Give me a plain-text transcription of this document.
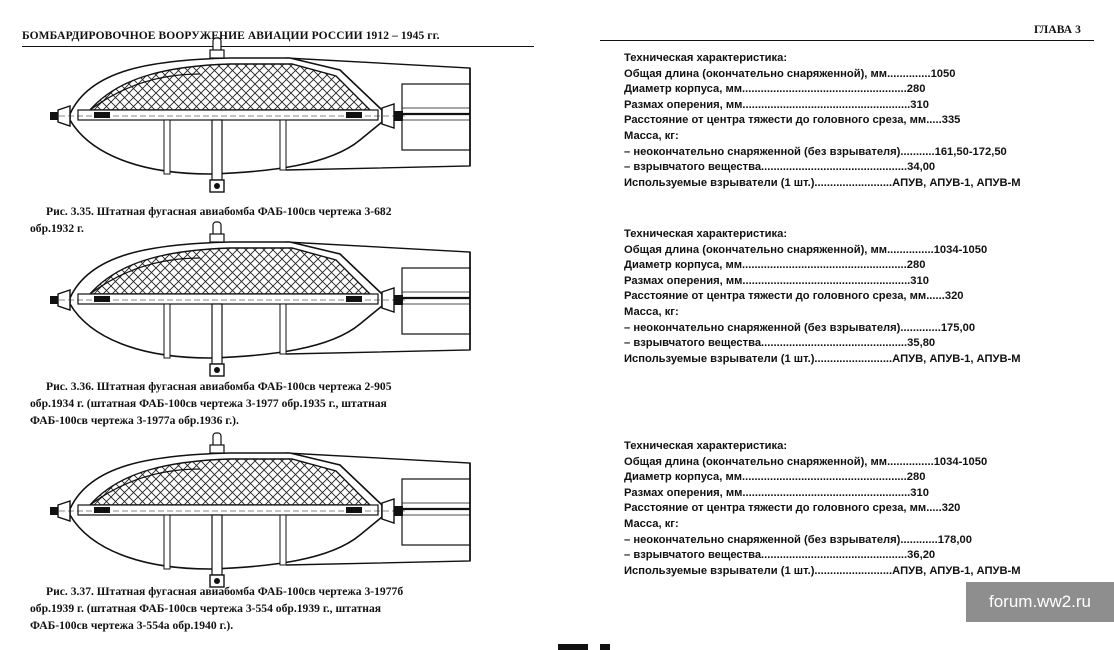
БОМБАРДИРОВОЧНОЕ ВООРУЖЕНИЕ АВИАЦИИ РОССИИ 1912 – 1945 гг.
Рис. 3.35. Штатная фугасная авиабомба ФАБ-100св чертежа 3-682
обр.1932 г.
Рис. 3.36. Штатная фугасная авиабомба ФАБ-100св чертежа 2-905
обр.1934 г. (штатная ФАБ-100св чертежа 3-1977 обр.1935 г., штатная
ФАБ-100св чертежа 3-1977а обр.1936 г.).
Рис. 3.37. Штатная фугасная авиабомба ФАБ-100св чертежа 3-1977б
обр.1939 г. (штатная ФАБ-100св чертежа 3-554 обр.1939 г., штатная
ФАБ-100св чертежа 3-554а обр.1940 г.).
ГЛАВА 3
Техническая характеристика:
Общая длина (окончательно снаряженной), мм..............1050
Диаметр корпуса, мм.....................................................280
Размах оперения, мм......................................................310
Расстояние от центра тяжести до головного среза, мм.....335
Масса, кг:
– неокончательно снаряженной (без взрывателя)...........161,50-172,50
– взрывчатого вещества...............................................34,00
Используемые взрыватели (1 шт.).........................АПУВ, АПУВ-1, АПУВ-М
Техническая характеристика:
Общая длина (окончательно снаряженной), мм...............1034-1050
Диаметр корпуса, мм.....................................................280
Размах оперения, мм......................................................310
Расстояние от центра тяжести до головного среза, мм......320
Масса, кг:
– неокончательно снаряженной (без взрывателя).............175,00
– взрывчатого вещества...............................................35,80
Используемые взрыватели (1 шт.).........................АПУВ, АПУВ-1, АПУВ-М
Техническая характеристика:
Общая длина (окончательно снаряженной), мм...............1034-1050
Диаметр корпуса, мм.....................................................280
Размах оперения, мм......................................................310
Расстояние от центра тяжести до головного среза, мм.....320
Масса, кг:
– неокончательно снаряженной (без взрывателя)............178,00
– взрывчатого вещества...............................................36,20
Используемые взрыватели (1 шт.).........................АПУВ, АПУВ-1, АПУВ-М
forum.ww2.ru
